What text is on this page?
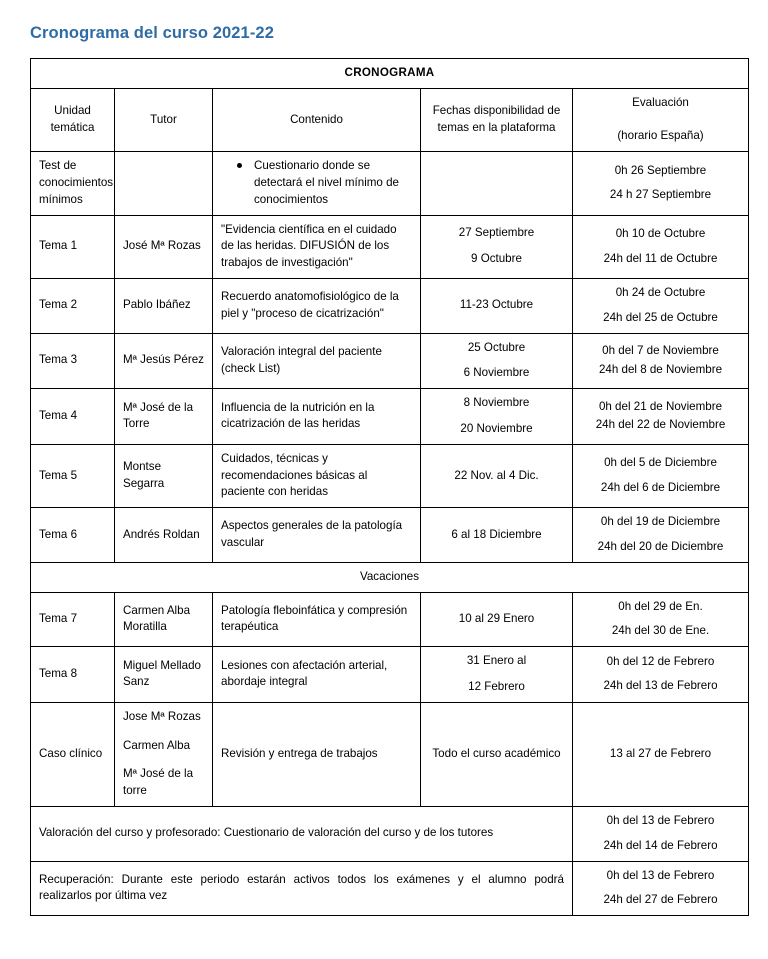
Cronograma del curso 2021-22
CRONOGRAMA				
Unidad temática	Tutor	Contenido	Fechas disponibilidad de temas en la plataforma	Evaluación

(horario España)

Test de conocimientos mínimos		Cuestionario donde se detectará el nivel mínimo de conocimientos		0h 26 Septiembre
24 h 27 Septiembre

Tema 1	José Mª Rozas	"Evidencia científica en el cuidado de las heridas. DIFUSIÓN de los trabajos de investigación"	27 Septiembre
9 Octubre	0h 10 de Octubre
24h del 11 de Octubre

Tema 2	Pablo Ibáñez	Recuerdo anatomofisiológico de la piel y "proceso de cicatrización"	11-23 Octubre	0h 24 de Octubre
24h del 25 de Octubre

Tema 3	Mª Jesús Pérez	Valoración integral del paciente (check List)	25 Octubre
6 Noviembre	0h del 7 de Noviembre
24h del 8 de Noviembre

Tema 4	Mª José de la Torre	Influencia de la nutrición en la cicatrización de las heridas	8 Noviembre
20 Noviembre	0h del 21 de Noviembre
24h del 22 de Noviembre

Tema 5	Montse Segarra	Cuidados, técnicas y recomendaciones básicas al paciente con heridas	22 Nov. al 4 Dic.	0h del 5 de Diciembre
24h del 6 de Diciembre

Tema 6	Andrés Roldan	Aspectos generales de la patología vascular	6 al 18 Diciembre	0h del 19 de Diciembre
24h del 20 de Diciembre

Vacaciones				
Tema 7	Carmen Alba Moratilla	Patología fleboinfática y compresión terapéutica	10 al 29 Enero	0h del 29 de En.
24h del 30 de Ene.

Tema 8	Miguel Mellado Sanz	Lesiones con afectación arterial, abordaje integral	31 Enero al
12 Febrero	0h del 12 de Febrero
24h del 13 de Febrero

Caso clínico	Jose Mª Rozas
Carmen Alba
Mª José de la torre	Revisión y entrega de trabajos	Todo el curso académico	13 al 27 de Febrero
Valoración del curso y profesorado: Cuestionario de valoración del curso y de los tutores				0h del 13 de Febrero
24h del 14 de Febrero

Recuperación: Durante este periodo estarán activos todos los exámenes y el alumno podrá realizarlos por última vez				0h del 13 de Febrero
24h del 27 de Febrero
